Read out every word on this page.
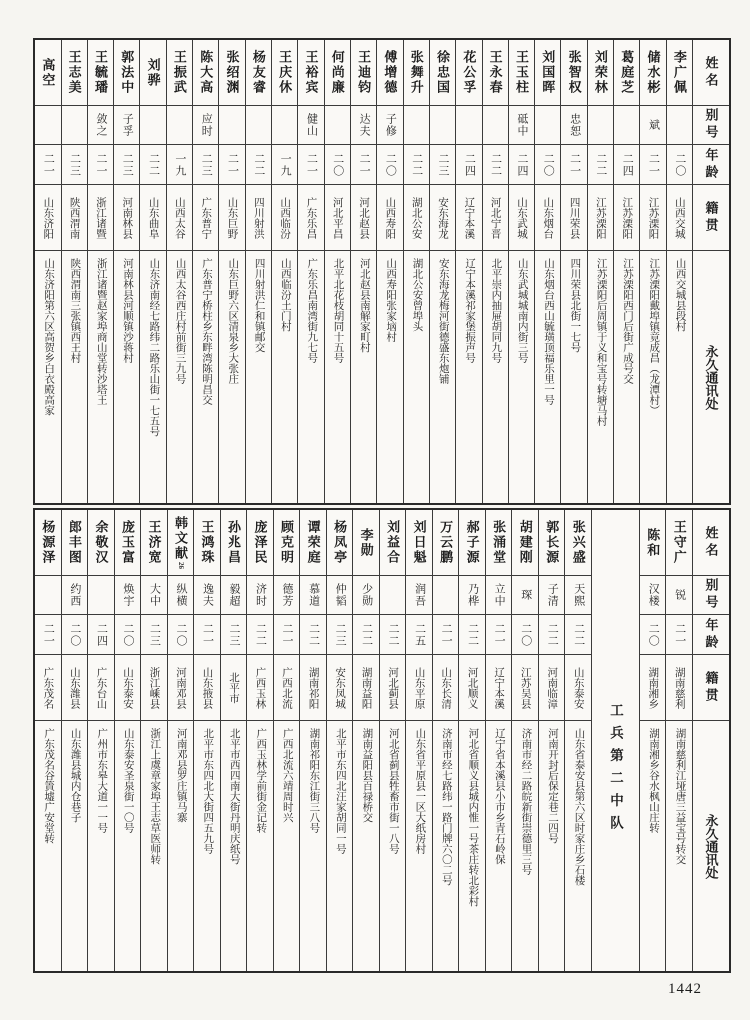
姓名
别号
年龄
籍贯
永久通讯处
李广佩
二〇
山西交城
山西交城县段村
储水彬
斌
二一
江苏溧阳
江苏溧阳戴埠镇竟成昌（龙潭村）
葛庭芝
二四
江苏溧阳
江苏溧阳西门后街广成号交
刘荣林
二二
江苏溧阳
江苏溧阳后周镇于义和宝号转塘马村
张智权
忠恕
二一
四川荣县
四川荣县北街一七号
刘国晖
二〇
山东烟台
山东烟台西山毓璜顶福乐里一号
王玉柱
砥中
二四
山东武城
山东武城城南内街三号
王永春
二二
河北宁晋
北平崇内抽屉胡同九号
花公孚
二四
辽宁本溪
辽宁本溪祁家堡振声号
徐忠国
二三
安东海龙
安东海龙梅河街德盛东炮铺
张舞升
二二
湖北公安
湖北公安曾埠头
傅增德
子修
二〇
山西寿阳
山西寿阳张家垴村
王迪钧
达夫
二一
河北赵县
河北赵县南解家町村
何尚廉
二〇
河北平昌
北平北花枝胡同十五号
王裕宾
健山
二一
广东乐昌
广东乐昌南湾街九七号
王庆休
一九
山西临汾
山西临汾土门村
杨友睿
二二
四川射洪
四川射洪仁和镇邮交
张绍渊
二一
山东巨野
山东巨野六区清泉乡大张庄
陈大高
应时
二三
广东普宁
广东普宁桥柱乡东畔湾陈明昌交
王振武
一九
山西太谷
山西太谷西庄村前街三九号
刘骅
二二
山东曲阜
山东济南经七路纬二路乐山街一七五号
郭法中
子孚
二三
河南林县
河南林县河顺镇沙蒋村
王毓璠
敛之
二一
浙江诸暨
浙江诸暨赵家埠商山堂转沙塔王
王志美
二三
陕西渭南
陕西渭南三张镇西王村
高空
二一
山东济阳
山东济阳第六区高贺乡白衣殿高家
姓名
别号
年龄
籍贯
永久通讯处
王守广
锐
二一
湖南慈利
湖南慈利江垭唐三益宝号转交
陈和
汉楼
二〇
湖南湘乡
湖南湘乡谷水枫山庄转
工兵第二中队
张兴盛
天熙
二二
山东泰安
山东省泰安县第六区时家庄乡石楼
郭长源
子清
二二
河南临漳
河南开封后保定巷二四号
胡建刚
琛
二〇
江苏吴县
济南市经二路皖新街崇德里三号
张涌堂
立中
二一
辽宁本溪
辽宁省本溪县小市乡青石岭保
郝子源
乃桦
二二
河北顺义
河北省顺义县城内惟一号茶庄转北彩村
万云鹏
二一
山东长清
济南市经七路纬一路门牌六〇二号
刘日魁
润吾
二五
山东平原
山东省平原县一区大纸房村
刘益合
二二
河北蓟县
河北省蓟县牲畜市街一八号
李勋
少勋
二二
湖南益阳
湖南益阳县百禄桥交
杨凤亭
仲韬
二三
安东凤城
北平市东四北汪家胡同一号
谭荣庭
慕道
二二
湖南祁阳
湖南祁阳东江街三八号
顾克明
德芳
二一
广西北流
广西北流六靖周时兴
庞泽民
济时
二二
广西玉林
广西玉林学前街金记转
孙兆昌
毅超
二三
北平市
北平市西四南大街丹明庆纸号
王鸿珠
逸夫
二一
山东掖县
北平市东四北大街四五九号
韩文献
26
纵横
二〇
河南邓县
河南邓县罗庄镇马寨
王济宽
大中
二三
浙江嵊县
浙江上虞章家埠王志草医师转
庞玉富
焕宇
二〇
山东泰安
山东泰安圣泉街一〇号
余敬汉
二四
广东台山
广州市东皋大道一一号
郎丰图
约西
二〇
山东潍县
山东潍县城内仓巷子
杨源泽
二一
广东茂名
广东茂名谷篢墟广安堂转
1442
